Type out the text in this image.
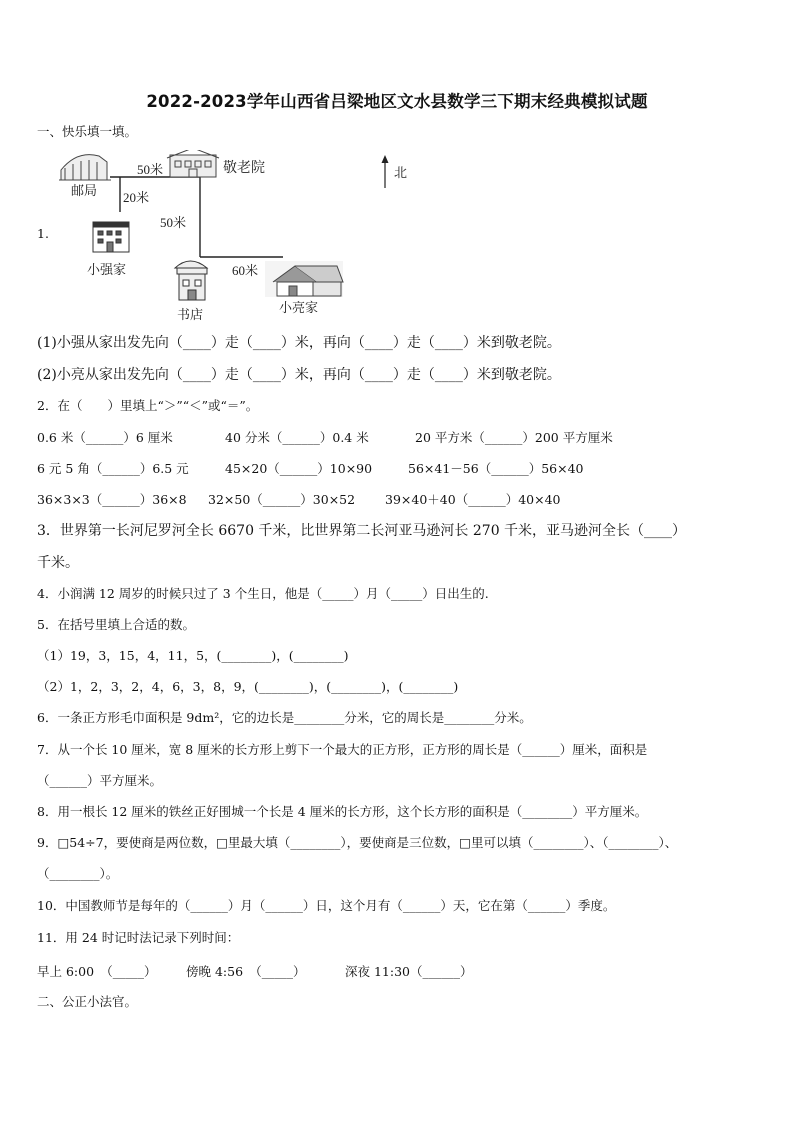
2022-2023学年山西省吕梁地区文水县数学三下期末经典模拟试题
一、快乐填一填。
1.
北
邮局
敬老院
50米
20米
50米
60米
小强家
书店	小亮家
(1)小强从家出发先向（____）走（____）米，再向（____）走（____）米到敬老院。
(2)小亮从家出发先向（____）走（____）米，再向（____）走（____）米到敬老院。
2．在（　　）里填上“＞”“＜”或“＝”。
0.6 米（______）6 厘米	40 分米（______）0.4 米	20 平方米（______）200 平方厘米
6 元 5 角（______）6.5 元	45×20（______）10×90	56×41－56（______）56×40
36×3×3（______）36×8 32×50（______）30×52 39×40＋40（______）40×40
3．世界第一长河尼罗河全长 6670 千米，比世界第二长河亚马逊河长 270 千米，亚马逊河全长（____）
千米。
4．小润满 12 周岁的时候只过了 3 个生日，他是（_____）月（_____）日出生的.
5．在括号里填上合适的数。
（1）19，3，15，4，11，5，(________)，(________)
（2）1，2，3，2，4，6，3，8，9，(________)，(________)，(________)
6．一条正方形毛巾面积是 9dm²，它的边长是________分米，它的周长是________分米。
7．从一个长 10 厘米，宽 8 厘米的长方形上剪下一个最大的正方形，正方形的周长是（______）厘米，面积是
（______）平方厘米。
8．用一根长 12 厘米的铁丝正好围城一个长是 4 厘米的长方形，这个长方形的面积是（________）平方厘米。
9．□54÷7，要使商是两位数，□里最大填（________），要使商是三位数，□里可以填（________）、（________）、
（________）。
10．中国教师节是每年的（______）月（______）日，这个月有（______）天，它在第（______）季度。
11．用 24 时记时法记录下列时间：
早上 6:00　（_____） 傍晚 4:56　（_____）	深夜 11:30（______）
二、公正小法官。
